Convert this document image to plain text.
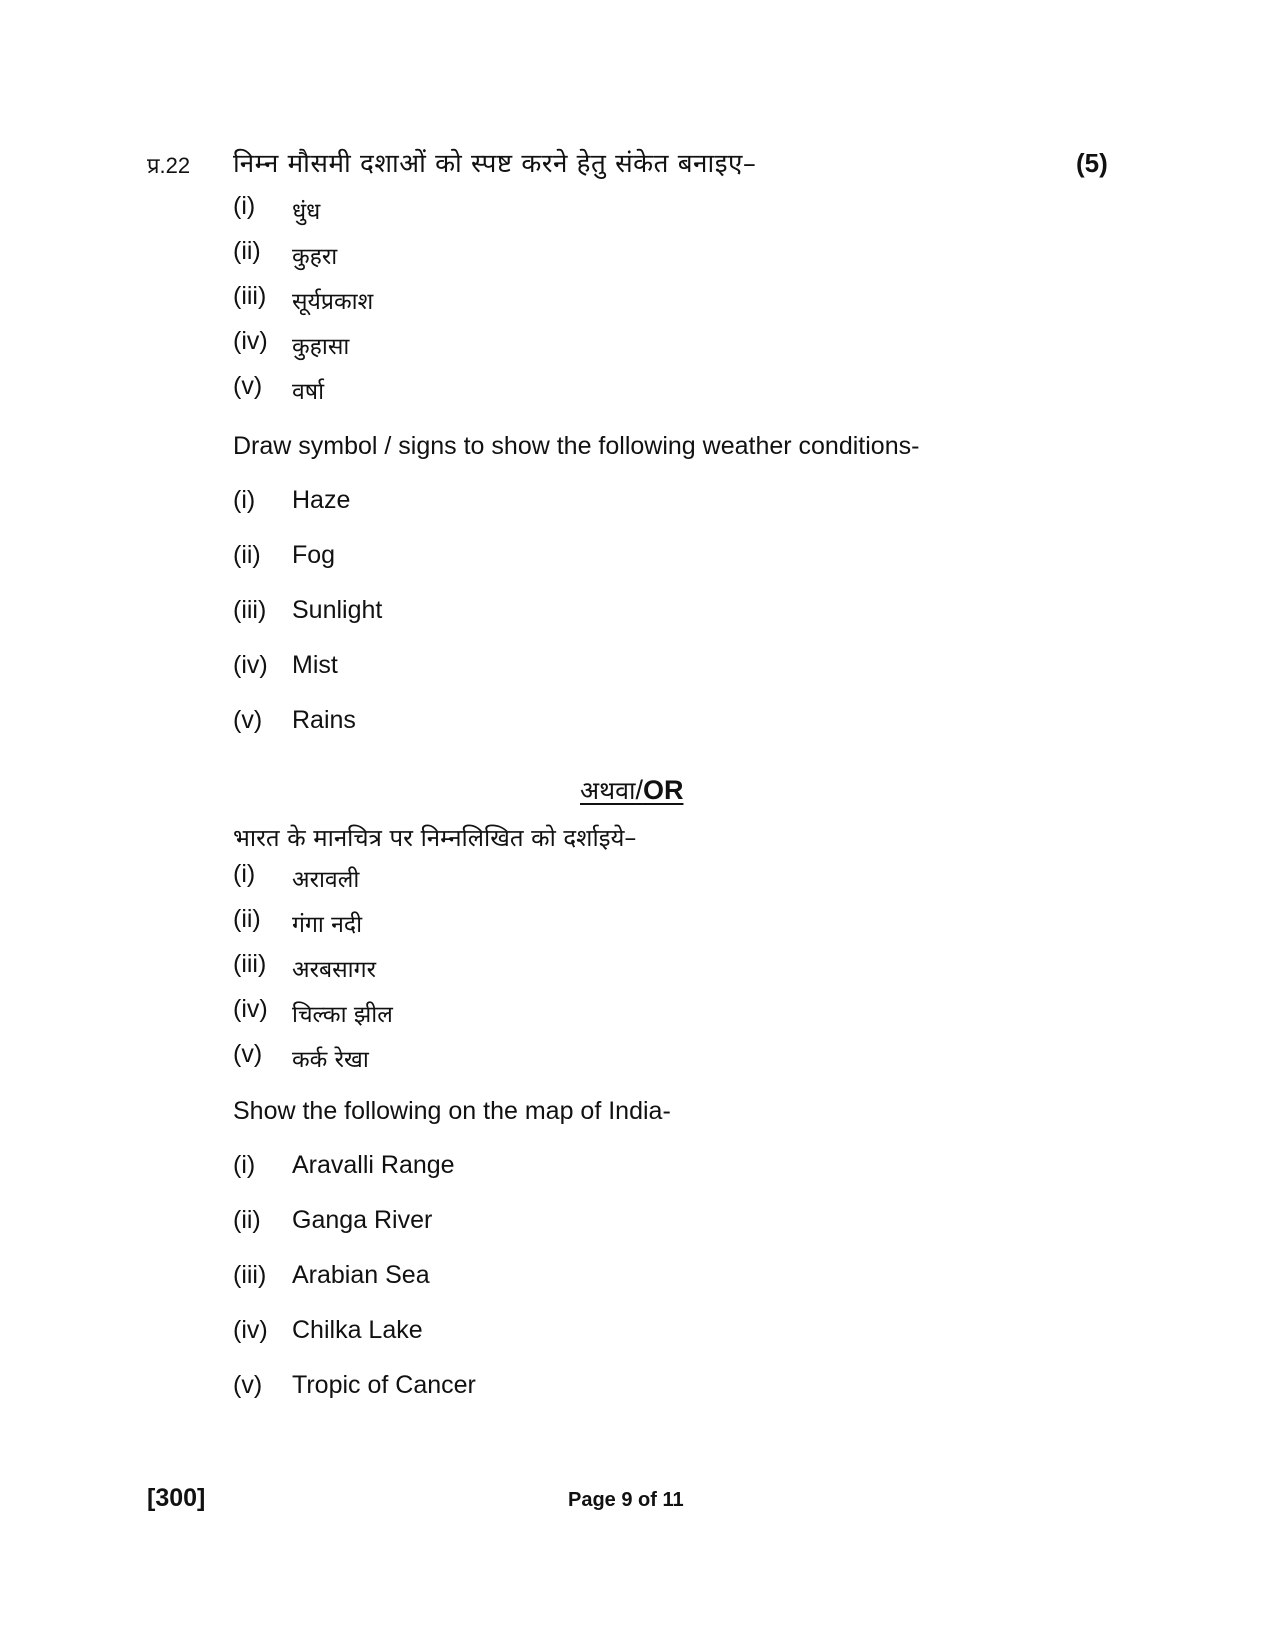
प्र.22 निम्न मौसमी दशाओं को स्पष्ट करने हेतु संकेत बनाइए–	(5)
(i) धुंध
(ii) कुहरा
(iii) सूर्यप्रकाश
(iv) कुहासा
(v) वर्षा
Draw symbol / signs to show the following weather conditions-
(i) Haze
(ii) Fog
(iii) Sunlight
(iv) Mist
(v) Rains
अथवा/OR
भारत के मानचित्र पर निम्नलिखित को दर्शाइये–
(i) अरावली
(ii) गंगा नदी
(iii) अरबसागर
(iv) चिल्का झील
(v) कर्क रेखा
Show the following on the map of India-
(i) Aravalli Range
(ii) Ganga River
(iii) Arabian Sea
(iv) Chilka Lake
(v) Tropic of Cancer
[300]	Page 9 of 11
